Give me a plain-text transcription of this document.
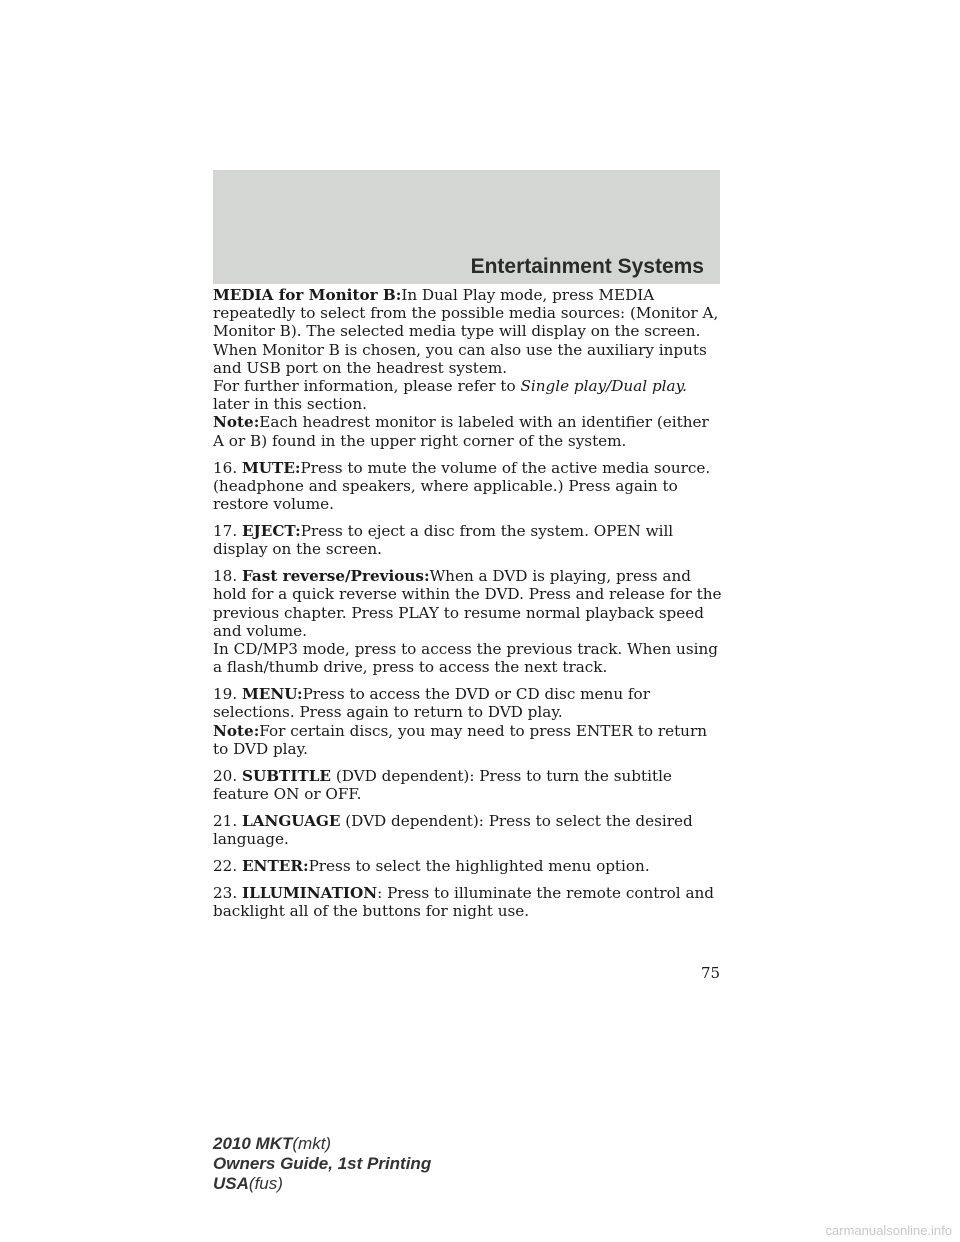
Entertainment Systems

MEDIA for Monitor B:In Dual Play mode, press MEDIA repeatedly to select from the possible media sources: (Monitor A, Monitor B). The selected media type will display on the screen. When Monitor B is chosen, you can also use the auxiliary inputs and USB port on the headrest system.

For further information, please refer to Single play/Dual play. later in this section.

Note:Each headrest monitor is labeled with an identifier (either A or B) found in the upper right corner of the system.

16. MUTE:Press to mute the volume of the active media source. (headphone and speakers, where applicable.) Press again to restore volume.

17. EJECT:Press to eject a disc from the system. OPEN will display on the screen.

18. Fast reverse/Previous:When a DVD is playing, press and hold for a quick reverse within the DVD. Press and release for the previous chapter. Press PLAY to resume normal playback speed and volume.

In CD/MP3 mode, press to access the previous track. When using a flash/thumb drive, press to access the next track.

19. MENU:Press to access the DVD or CD disc menu for selections. Press again to return to DVD play.

Note:For certain discs, you may need to press ENTER to return to DVD play.

20. SUBTITLE (DVD dependent): Press to turn the subtitle feature ON or OFF.

21. LANGUAGE (DVD dependent): Press to select the desired language.

22. ENTER:Press to select the highlighted menu option.

23. ILLUMINATION: Press to illuminate the remote control and backlight all of the buttons for night use.

75
2010 MKT(mkt)
Owners Guide, 1st Printing
USA(fus)
carmanualsonline.info
